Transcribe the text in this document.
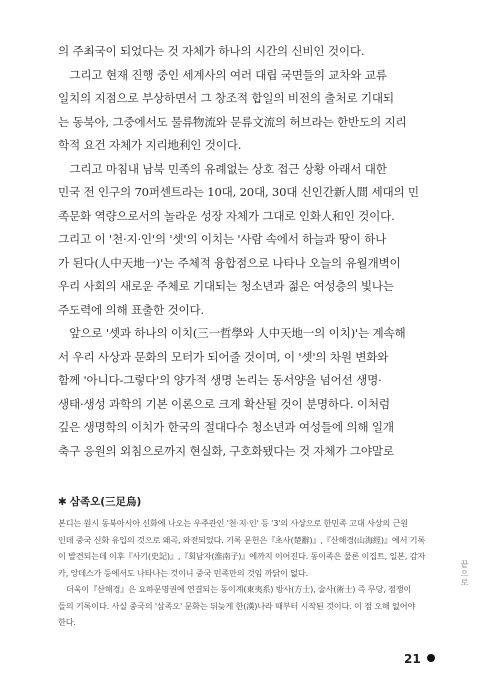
의 주최국이 되었다는 것 자체가 하나의 시간의 신비인 것이다.

　그리고 현재 진행 중인 세계사의 여러 대립 국면들의 교차와 교류

일치의 지점으로 부상하면서 그 창조적 합일의 비전의 출처로 기대되

는 동북아, 그중에서도 물류物流와 문류文流의 허브라는 한반도의 지리

학적 요건 자체가 지리地利인 것이다.

　그리고 마침내 남북 민족의 유례없는 상호 접근 상황 아래서 대한

민국 전 인구의 70퍼센트라는 10대, 20대, 30대 신인간新人間 세대의 민

족문화 역량으로서의 놀라운 성장 자체가 그대로 인화人和인 것이다.

그리고 이 '천·지·인'의 '셋'의 이치는 '사람 속에서 하늘과 땅이 하나

가 된다(人中天地一)'는 주체적 융합점으로 나타나 오늘의 유월개벽이

우리 사회의 새로운 주체로 기대되는 청소년과 젊은 여성층의 빛나는

주도력에 의해 표출한 것이다.

　앞으로 '셋과 하나의 이치(三一哲學와 人中天地一의 이치)'는 계속해

서 우리 사상과 문화의 모터가 되어줄 것이며, 이 '셋'의 차원 변화와

함께 '아니다-그렇다'의 양가적 생명 논리는 동서양을 넘어선 생명·

생태·생성 과학의 기본 이론으로 크게 확산될 것이 분명하다. 이처럼

깊은 생명학의 이치가 한국의 절대다수 청소년과 여성들에 의해 일개

축구 응원의 외침으로까지 현실화, 구호화됐다는 것 자체가 그야말로

✱ 삼족오(三足烏)

본디는 원시 동북아시아 신화에 나오는 우주관인 '천·지·인' 등 '3'의 사상으로 한민족 고대 사상의 근원

인데 중국 신화 유입의 것으로 왜곡, 와전되었다. 기록 문헌은『초사(楚辭)』,『산해경(山海經)』에서 기록

이 발견되는데 이후『사기(史記)』,『회남자(淮南子)』에까지 이어진다. 동이족은 물론 이집트, 일본, 감자

카, 앙데스가 등에서도 나타나는 것이니 중국 민족만의 것임 까닭이 없다.

　더욱이『산해경』은 요하문명권에 연결되는 동이계(東夷系) 방사(方士), 술사(術士) 즉 무당, 점쟁이

들의 기록이다. 사실 중국의 '삼족오' 문화는 뒤늦게 한(漢)나라 때부터 시작된 것이다. 이 점 오해 없어야

한다.

끝으로
21
